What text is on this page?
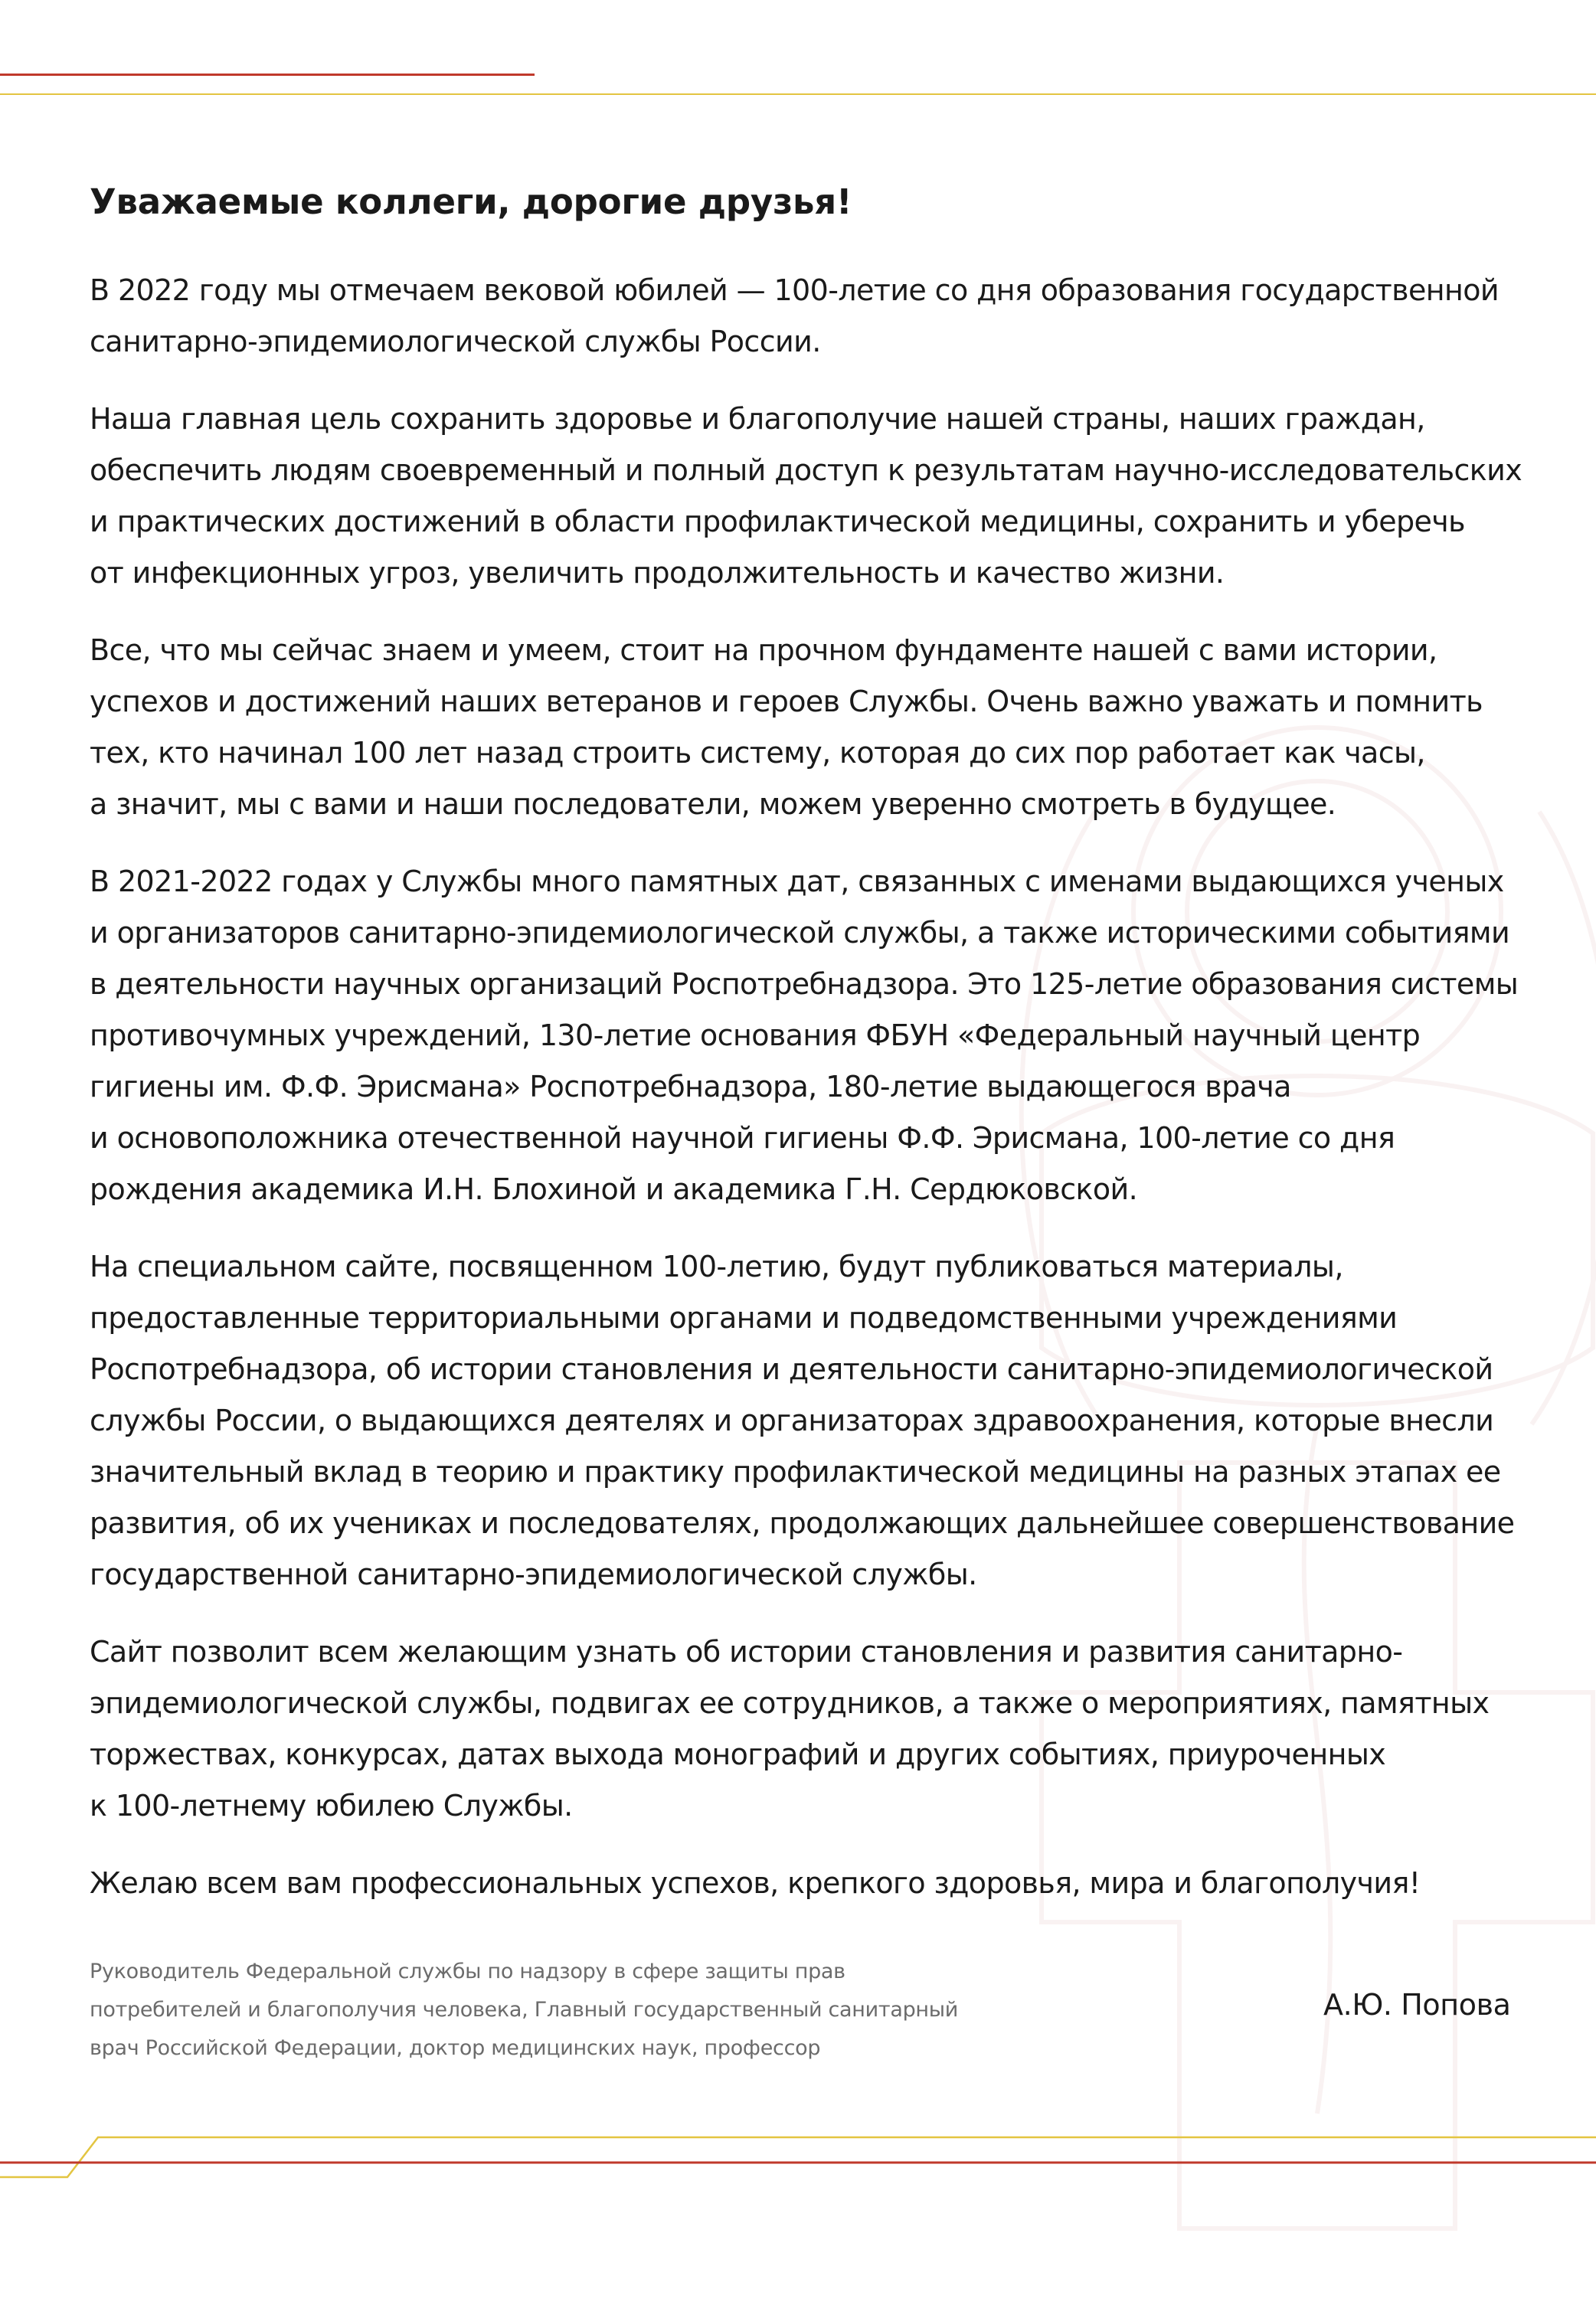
Уважаемые коллеги, дорогие друзья!

В 2022 году мы отмечаем вековой юбилей — 100-летие со дня образования государственной
санитарно-эпидемиологической службы России.

Наша главная цель сохранить здоровье и благополучие нашей страны, наших граждан,
обеспечить людям своевременный и полный доступ к результатам научно-исследовательских
и практических достижений в области профилактической медицины, сохранить и уберечь
от инфекционных угроз, увеличить продолжительность и качество жизни.

Все, что мы сейчас знаем и умеем, стоит на прочном фундаменте нашей с вами истории,
успехов и достижений наших ветеранов и героев Службы. Очень важно уважать и помнить
тех, кто начинал 100 лет назад строить систему, которая до сих пор работает как часы,
а значит, мы с вами и наши последователи, можем уверенно смотреть в будущее.

В 2021-2022 годах у Службы много памятных дат, связанных с именами выдающихся ученых
и организаторов санитарно-эпидемиологической службы, а также историческими событиями
в деятельности научных организаций Роспотребнадзора. Это 125-летие образования системы
противочумных учреждений, 130-летие основания ФБУН «Федеральный научный центр
гигиены им. Ф.Ф. Эрисмана» Роспотребнадзора, 180-летие выдающегося врача
и основоположника отечественной научной гигиены Ф.Ф. Эрисмана, 100-летие со дня
рождения академика И.Н. Блохиной и академика Г.Н. Сердюковской.

На специальном сайте, посвященном 100-летию, будут публиковаться материалы,
предоставленные территориальными органами и подведомственными учреждениями
Роспотребнадзора, об истории становления и деятельности санитарно-эпидемиологической
службы России, о выдающихся деятелях и организаторах здравоохранения, которые внесли
значительный вклад в теорию и практику профилактической медицины на разных этапах ее
развития, об их учениках и последователях, продолжающих дальнейшее совершенствование
государственной санитарно-эпидемиологической службы.

Сайт позволит всем желающим узнать об истории становления и развития санитарно-
эпидемиологической службы, подвигах ее сотрудников, а также о мероприятиях, памятных
торжествах, конкурсах, датах выхода монографий и других событиях, приуроченных
к 100-летнему юбилею Службы.

Желаю всем вам профессиональных успехов, крепкого здоровья, мира и благополучия!

Руководитель Федеральной службы по надзору в сфере защиты прав
потребителей и благополучия человека, Главный государственный санитарный
врач Российской Федерации, доктор медицинских наук, профессор
А.Ю. Попова
